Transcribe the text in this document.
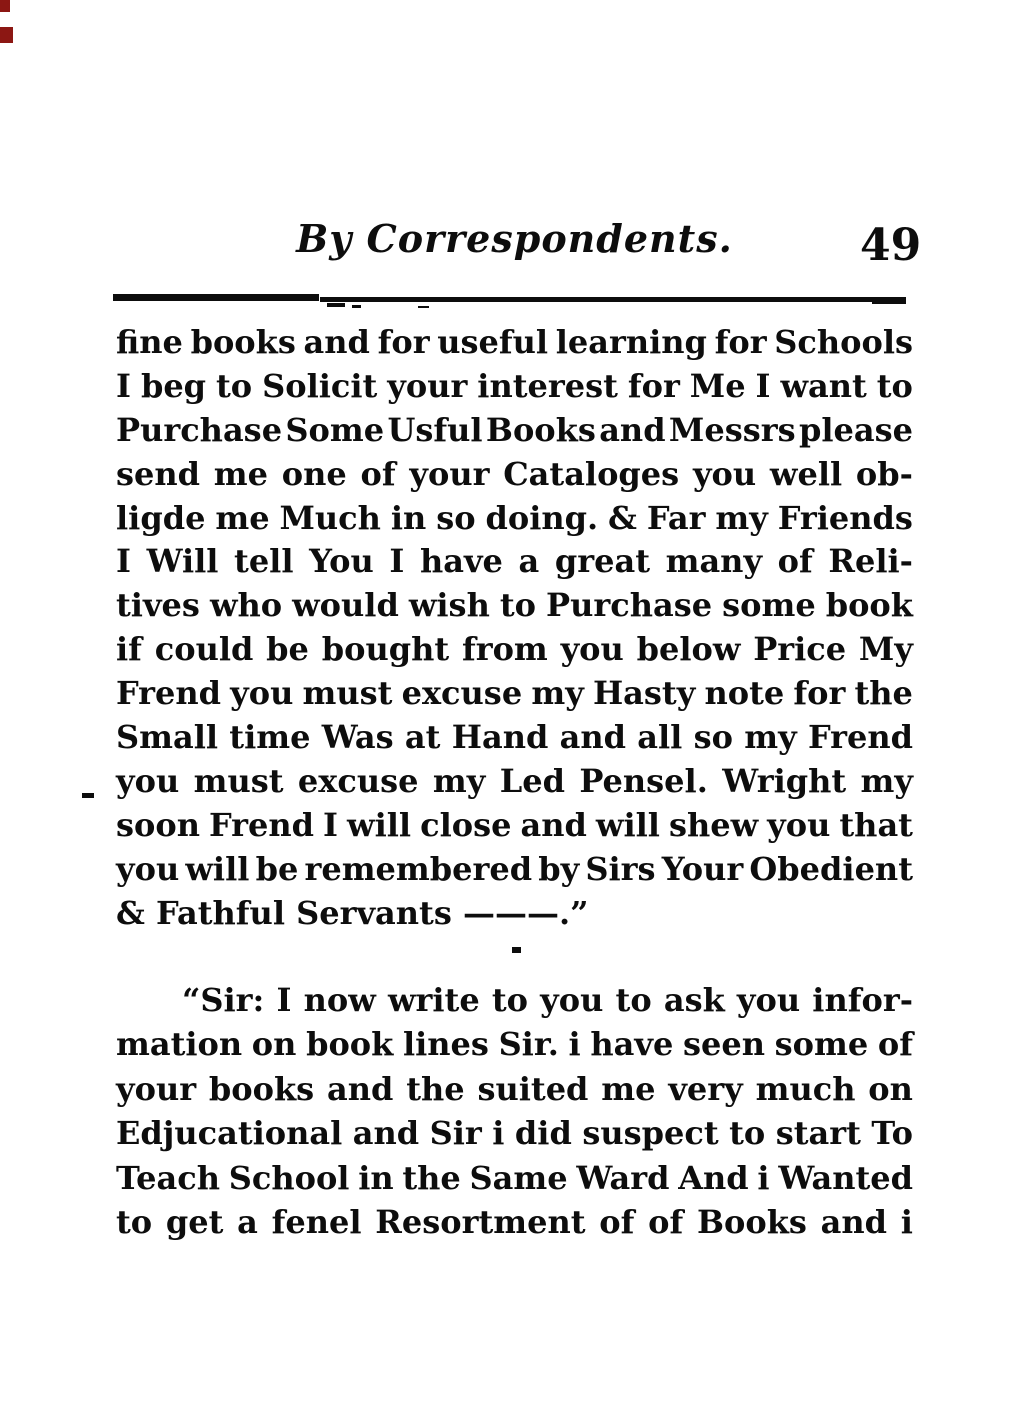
By Correspondents.	49
fine books and for useful learning for Schools
I beg to Solicit your interest for Me I want to
Purchase Some Usful Books and Messrs please
send me one of your Cataloges you well ob-
ligde me Much in so doing. & Far my Friends
I Will tell You I have a great many of Reli-
tives who would wish to Purchase some book
if could be bought from you below Price My
Frend you must excuse my Hasty note for the
Small time Was at Hand and all so my Frend
you must excuse my Led Pensel. Wright my
soon Frend I will close and will shew you that
you will be remembered by Sirs Your Obedient
& Fathful Servants ———.”
“Sir: I now write to you to ask you infor-
mation on book lines Sir. i have seen some of
your books and the suited me very much on
Edjucational and Sir i did suspect to start To
Teach School in the Same Ward And i Wanted
to get a fenel Resortment of of Books and i
